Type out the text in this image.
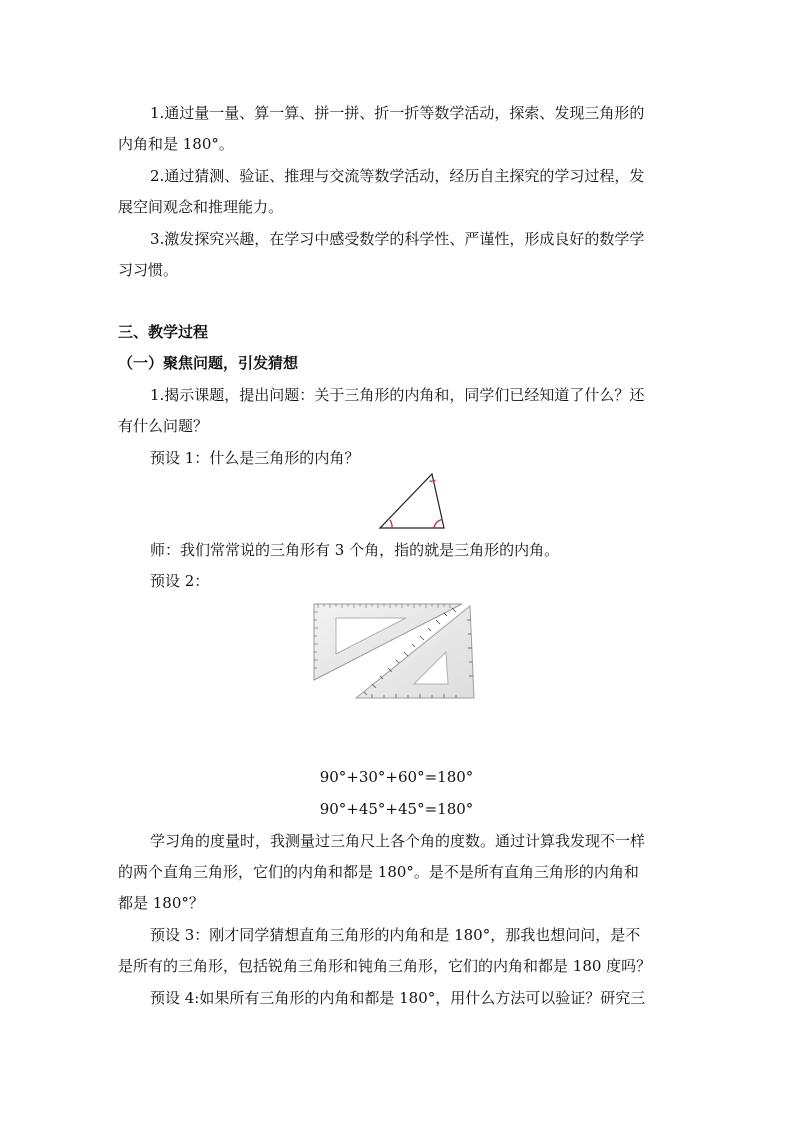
1.通过量一量、算一算、拼一拼、折一折等数学活动，探索、发现三角形的
内角和是 180°。
2.通过猜测、验证、推理与交流等数学活动，经历自主探究的学习过程，发
展空间观念和推理能力。
3.激发探究兴趣，在学习中感受数学的科学性、严谨性，形成良好的数学学
习习惯。
三、教学过程
（一）聚焦问题，引发猜想
1.揭示课题，提出问题：关于三角形的内角和，同学们已经知道了什么？还
有什么问题？
预设 1：什么是三角形的内角？
师：我们常常说的三角形有 3 个角，指的就是三角形的内角。
预设 2：
90°+30°+60°=180°
90°+45°+45°=180°
学习角的度量时，我测量过三角尺上各个角的度数。通过计算我发现不一样
的两个直角三角形，它们的内角和都是 180°。是不是所有直角三角形的内角和
都是 180°？
预设 3：刚才同学猜想直角三角形的内角和是 180°，那我也想问问，是不
是所有的三角形，包括锐角三角形和钝角三角形，它们的内角和都是 180 度吗？
预设 4:如果所有三角形的内角和都是 180°，用什么方法可以验证？研究三
